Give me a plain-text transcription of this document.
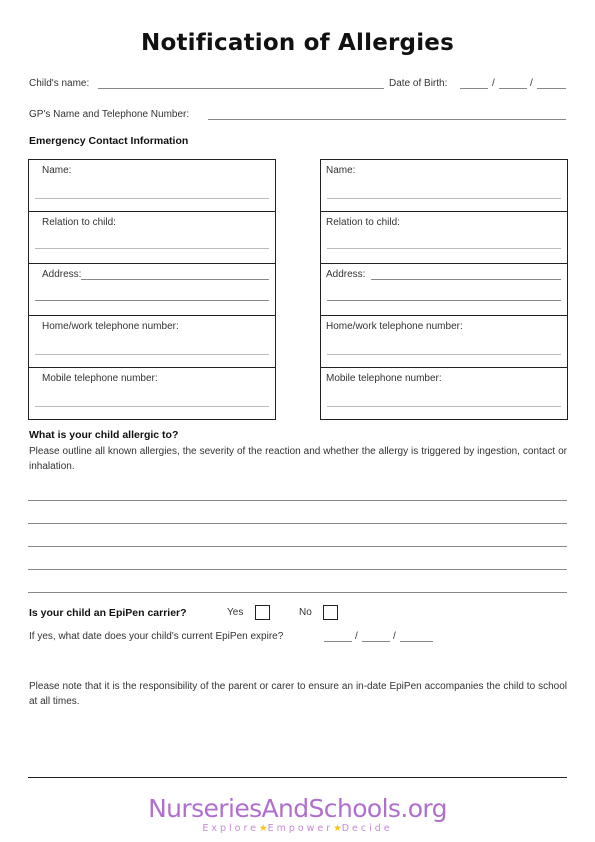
Notification of Allergies
Child's name:	Date of Birth:	/	/
GP's Name and Telephone Number:
Emergency Contact Information
Name:
Relation to child:
Address:
Home/work telephone number:
Mobile telephone number:
Name:
Relation to child:
Address:
Home/work telephone number:
Mobile telephone number:
What is your child allergic to?
Please outline all known allergies, the severity of the reaction and whether the allergy is triggered by ingestion, contact or inhalation.
Is your child an EpiPen carrier?	Yes	No
If yes, what date does your child's current EpiPen expire?	/	/
Please note that it is the responsibility of the parent or carer to ensure an in-date EpiPen accompanies the child to school at all times.
NurseriesAndSchools.org
Explore★Empower★Decide
